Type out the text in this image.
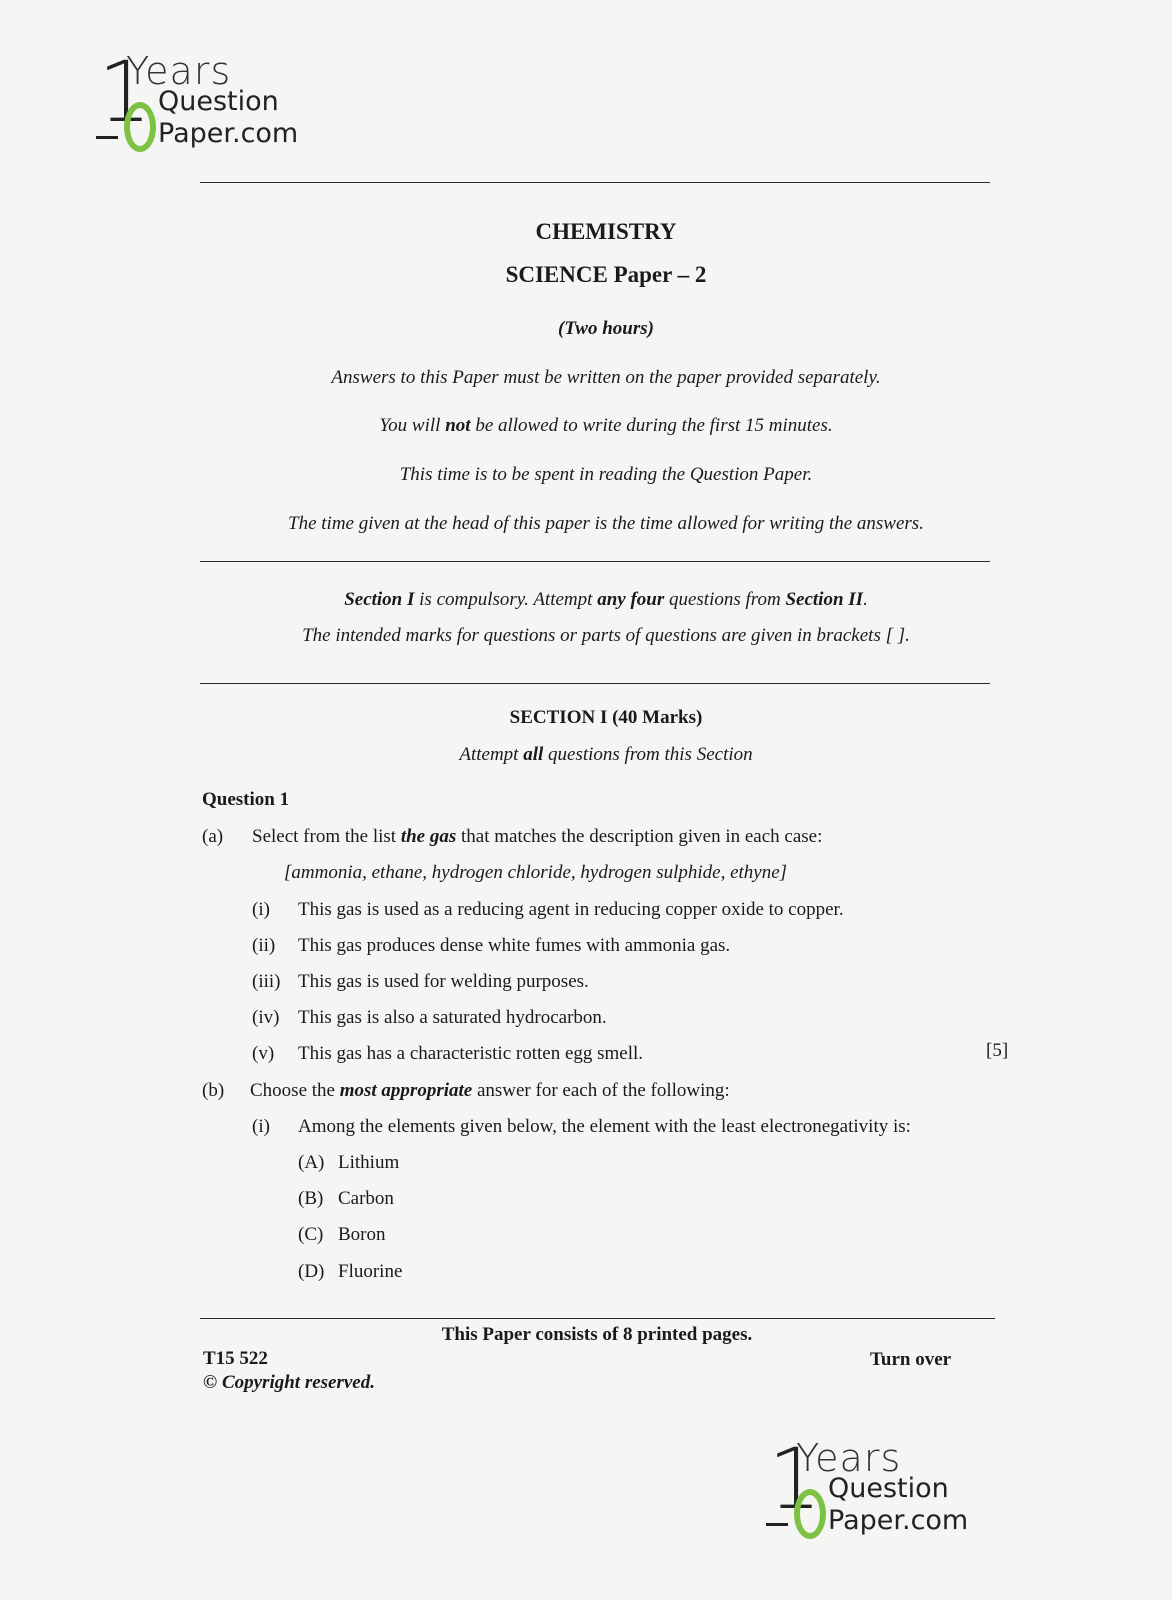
1
Years
Question
Paper.com
CHEMISTRY
SCIENCE Paper – 2
(Two hours)
Answers to this Paper must be written on the paper provided separately.
You will not be allowed to write during the first 15 minutes.
This time is to be spent in reading the Question Paper.
The time given at the head of this paper is the time allowed for writing the answers.
Section I is compulsory. Attempt any four questions from Section II.
The intended marks for questions or parts of questions are given in brackets [ ].
SECTION I (40 Marks)
Attempt all questions from this Section
Question 1
(a) Select from the list the gas that matches the description given in each case:
[ammonia, ethane, hydrogen chloride, hydrogen sulphide, ethyne]
(i) This gas is used as a reducing agent in reducing copper oxide to copper.
(ii) This gas produces dense white fumes with ammonia gas.
(iii) This gas is used for welding purposes.
(iv) This gas is also a saturated hydrocarbon.
(v) This gas has a characteristic rotten egg smell.	[5]
(b) Choose the most appropriate answer for each of the following:
(i) Among the elements given below, the element with the least electronegativity is:
(A) Lithium
(B) Carbon
(C) Boron
(D) Fluorine
This Paper consists of 8 printed pages.
T15 522
© Copyright reserved.
Turn over
1
Years
Question
Paper.com
